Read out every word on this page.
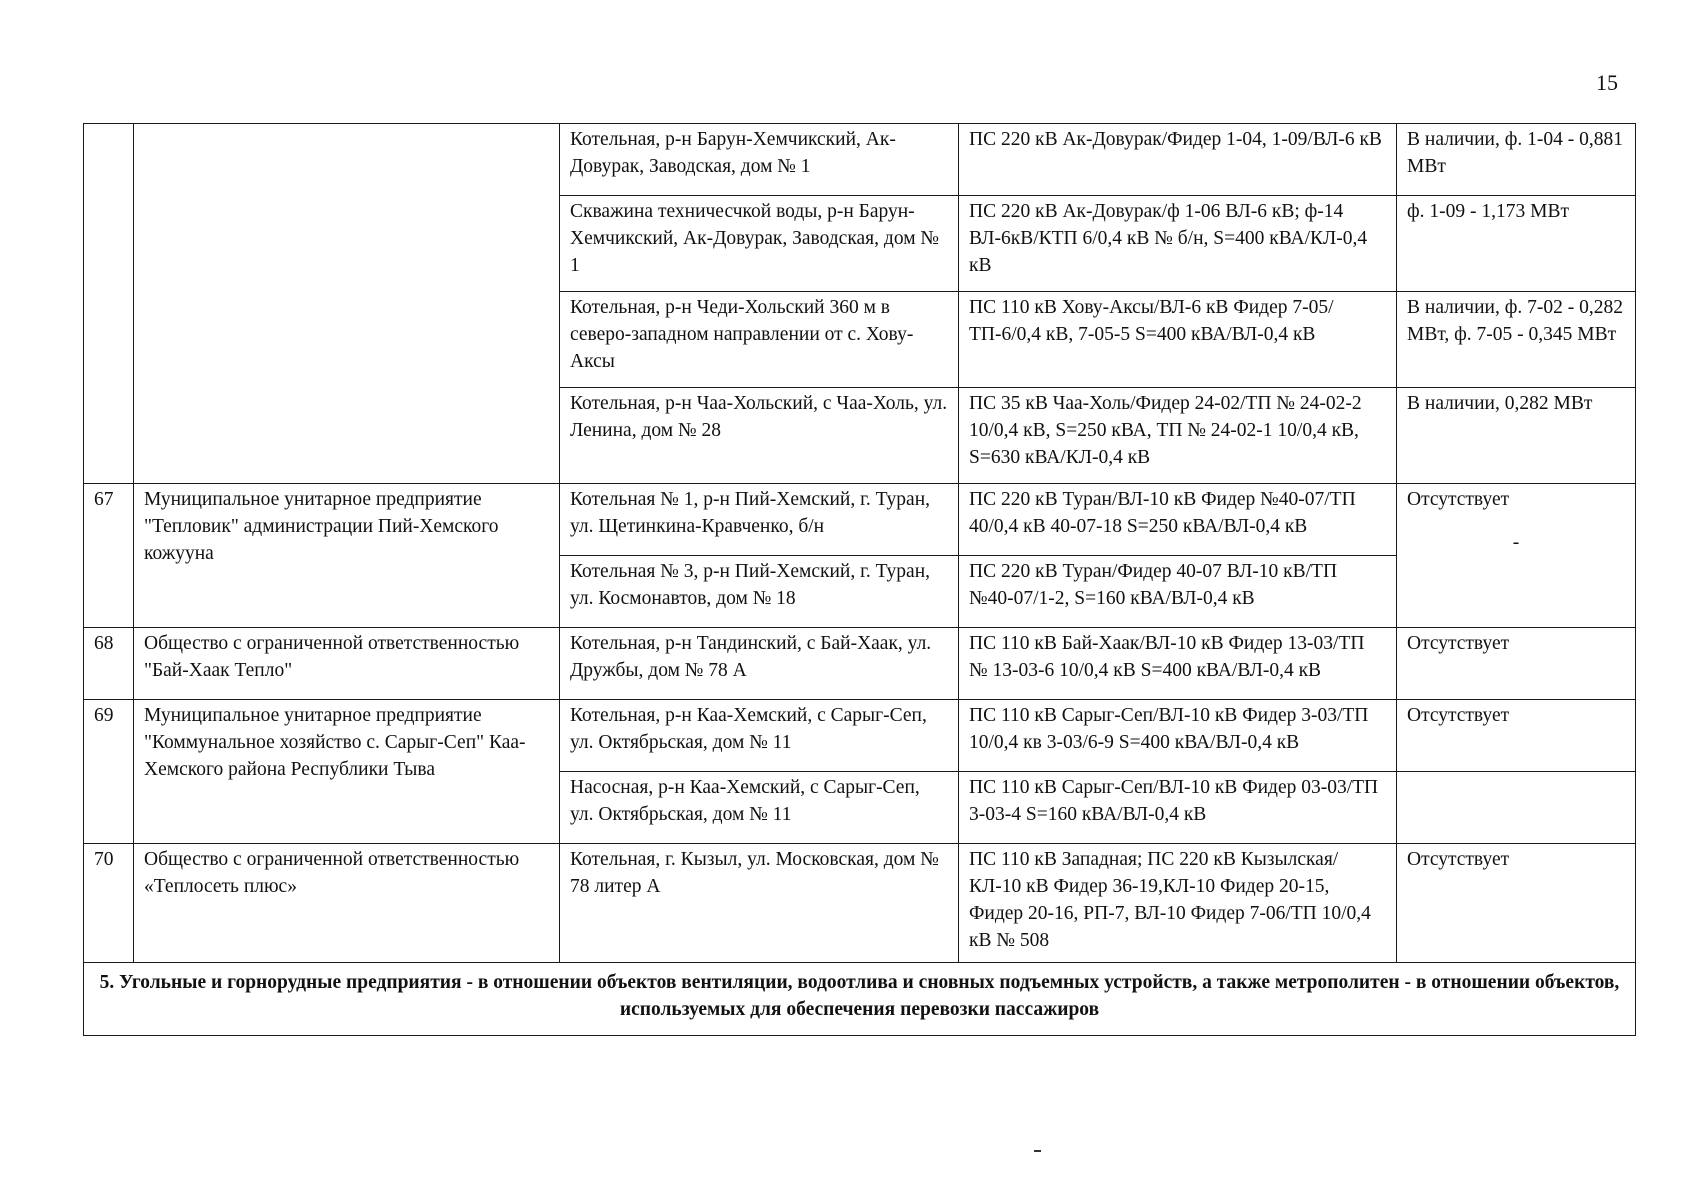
15
		Котельная, р-н Барун-Хемчикский, Ак-Довурак, Заводская, дом № 1	ПС 220 кВ Ак-Довурак/Фидер 1-04, 1-09/ВЛ-6 кВ	В наличии, ф. 1-04 - 0,881 МВт
		Скважина техничесчкой воды, р-н Барун-Хемчикский, Ак-Довурак, Заводская, дом № 1	ПС 220 кВ Ак-Довурак/ф 1-06 ВЛ-6 кВ; ф-14 ВЛ-6кВ/КТП 6/0,4 кВ № б/н, S=400 кВА/КЛ-0,4 кВ	ф. 1-09 - 1,173 МВт
		Котельная, р-н Чеди-Хольский 360 м в северо-западном направлении от с. Хову-Аксы	ПС 110 кВ Хову-Аксы/ВЛ-6 кВ Фидер 7-05/ТП-6/0,4 кВ, 7-05-5 S=400 кВА/ВЛ-0,4 кВ	В наличии, ф. 7-02 - 0,282 МВт, ф. 7-05 - 0,345 МВт
		Котельная, р-н Чаа-Хольский, с Чаа-Холь, ул. Ленина, дом № 28	ПС 35 кВ Чаа-Холь/Фидер 24-02/ТП № 24-02-2 10/0,4 кВ, S=250 кВА, ТП № 24-02-1 10/0,4 кВ, S=630 кВА/КЛ-0,4 кВ	В наличии, 0,282 МВт
67	Муниципальное унитарное предприятие "Тепловик" администрации Пий-Хемского кожууна	Котельная № 1, р-н Пий-Хемский, г. Туран, ул. Щетинкина-Кравченко, б/н	ПС 220 кВ Туран/ВЛ-10 кВ Фидер №40-07/ТП 40/0,4 кВ 40-07-18 S=250 кВА/ВЛ-0,4 кВ	Отсутствует
-

		Котельная № 3, р-н Пий-Хемский, г. Туран, ул. Космонавтов, дом № 18	ПС 220 кВ Туран/Фидер 40-07 ВЛ-10 кВ/ТП №40-07/1-2, S=160 кВА/ВЛ-0,4 кВ	
68	Общество с ограниченной ответственностью "Бай-Хаак Тепло"	Котельная, р-н Тандинский, с Бай-Хаак, ул. Дружбы, дом № 78 А	ПС 110 кВ Бай-Хаак/ВЛ-10 кВ Фидер 13-03/ТП № 13-03-6 10/0,4 кВ S=400 кВА/ВЛ-0,4 кВ	Отсутствует
69	Муниципальное унитарное предприятие "Коммунальное хозяйство с. Сарыг-Сеп" Каа-Хемского района Республики Тыва	Котельная, р-н Каа-Хемский, с Сарыг-Сеп, ул. Октябрьская, дом № 11	ПС 110 кВ Сарыг-Сеп/ВЛ-10 кВ Фидер 3-03/ТП 10/0,4 кв 3-03/6-9 S=400 кВА/ВЛ-0,4 кВ	Отсутствует
		Насосная, р-н Каа-Хемский, с Сарыг-Сеп, ул. Октябрьская, дом № 11	ПС 110 кВ Сарыг-Сеп/ВЛ-10 кВ Фидер 03-03/ТП 3-03-4 S=160 кВА/ВЛ-0,4 кВ	
70	Общество с ограниченной ответственностью «Теплосеть плюс»	Котельная, г. Кызыл, ул. Московская, дом № 78 литер А	ПС 110 кВ Западная; ПС 220 кВ Кызылская/КЛ-10 кВ Фидер 36-19,КЛ-10 Фидер 20-15, Фидер 20-16, РП-7, ВЛ-10 Фидер 7-06/ТП 10/0,4 кВ № 508	Отсутствует
5. Угольные и горнорудные предприятия - в отношении объектов вентиляции, водоотлива и сновных подъемных устройств, а также метрополитен - в отношении объектов, используемых для обеспечения перевозки пассажиров				
